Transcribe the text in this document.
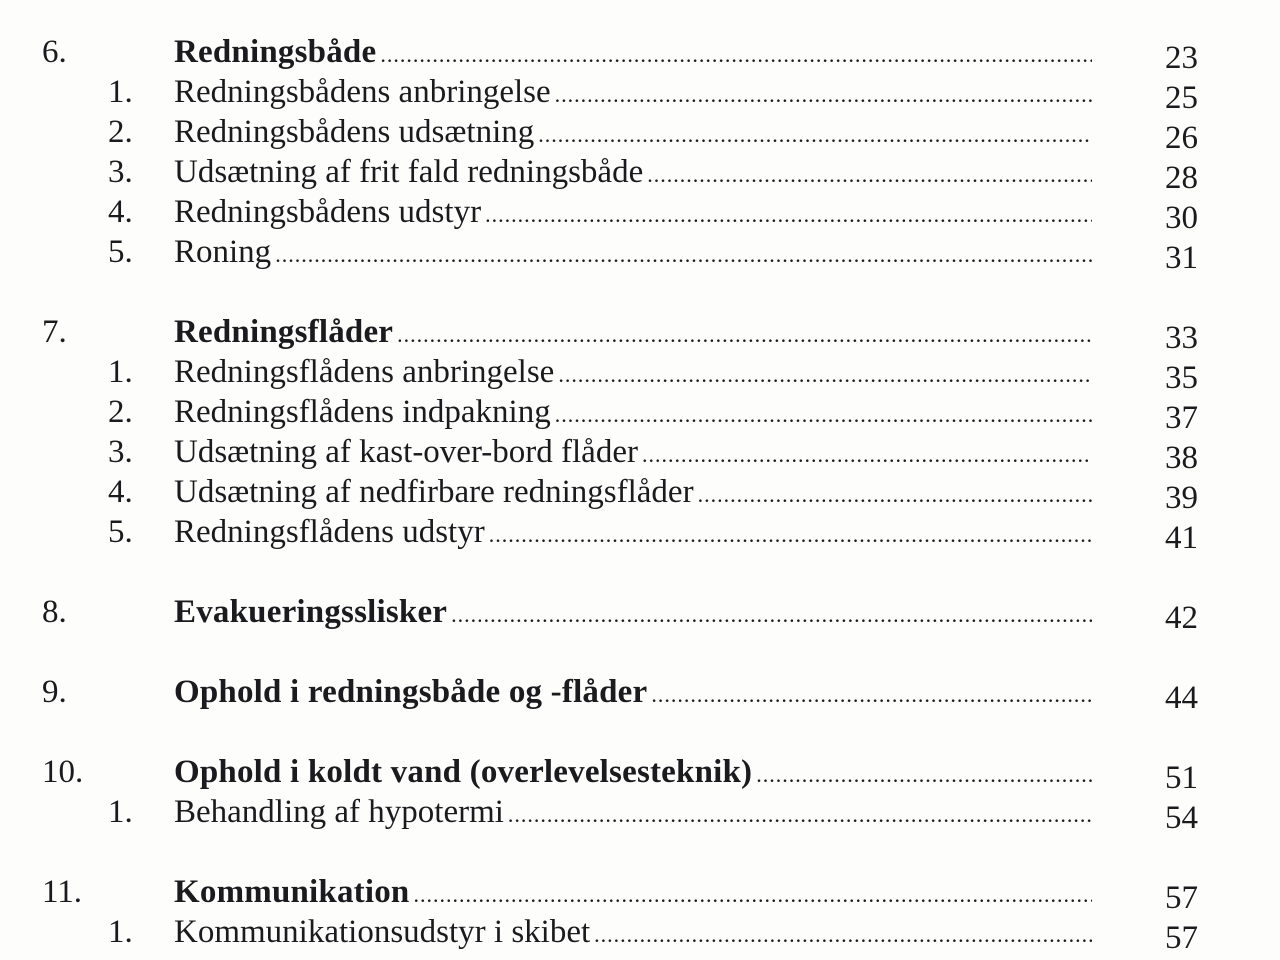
6.	Redningsbåde .....	23
1. Redningsbådens anbringelse .....	25
2. Redningsbådens udsætning .....	26
3. Udsætning af frit fald redningsbåde .....	28
4. Redningsbådens udstyr .....	30
5. Roning .....	31
7.	Redningsflåder .....	33
1. Redningsflådens anbringelse .....	35
2. Redningsflådens indpakning .....	37
3. Udsætning af kast-over-bord flåder .....	38
4. Udsætning af nedfirbare redningsflåder .....	39
5. Redningsflådens udstyr .....	41
8.	Evakueringsslisker .....	42
9.	Ophold i redningsbåde og -flåder .....	44
10.	Ophold i koldt vand (overlevelsesteknik) .....	51
1. Behandling af hypotermi .....	54
11.	Kommunikation .....	57
1. Kommunikationsudstyr i skibet .....	57
